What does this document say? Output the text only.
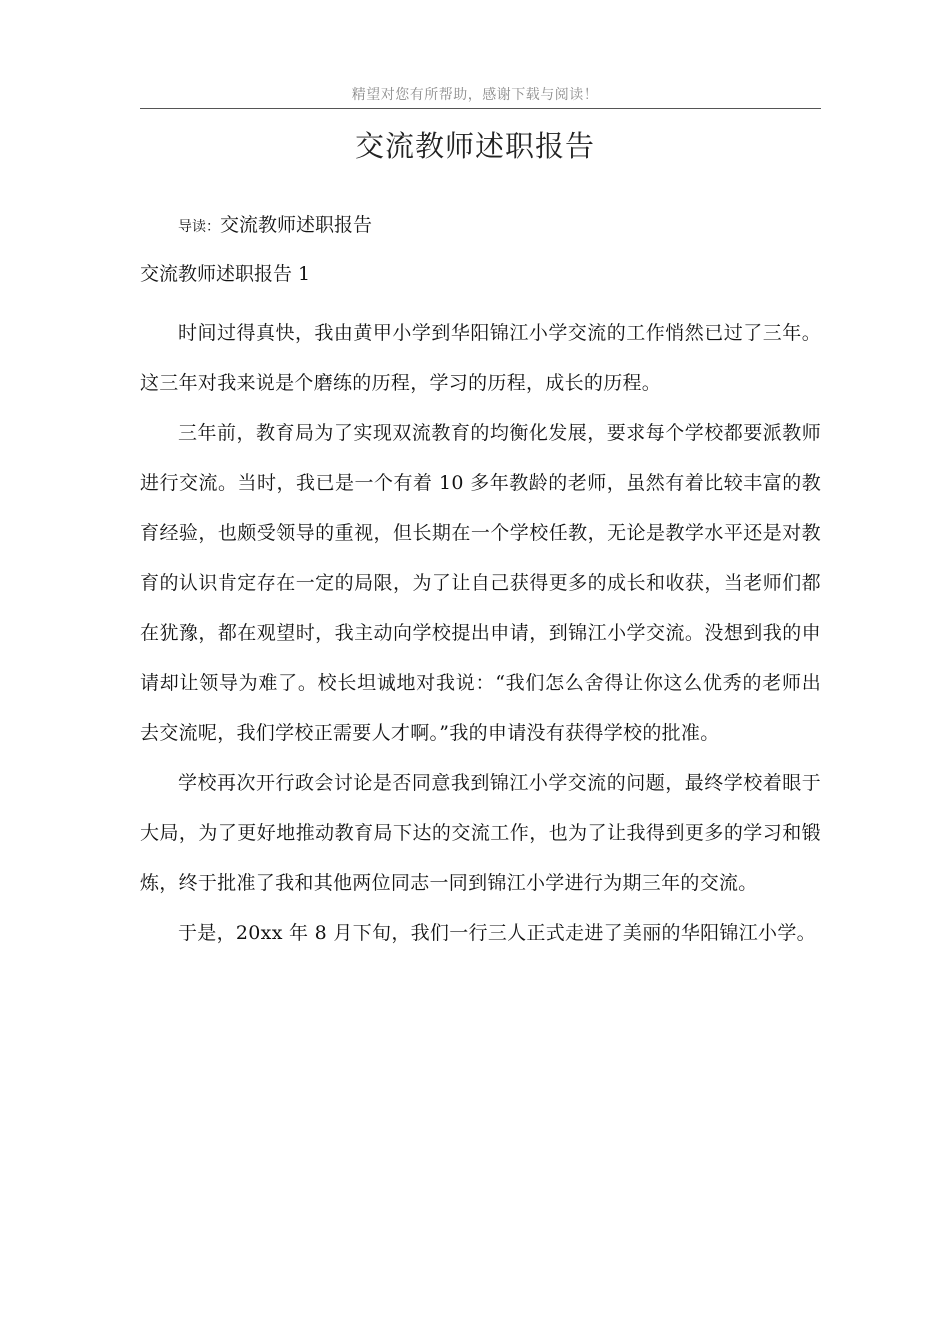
精望对您有所帮助，感谢下载与阅读！
交流教师述职报告
导读：交流教师述职报告
交流教师述职报告 1

时间过得真快，我由黄甲小学到华阳锦江小学交流的工作悄然已过了三年。这三年对我来说是个磨练的历程，学习的历程，成长的历程。

三年前，教育局为了实现双流教育的均衡化发展，要求每个学校都要派教师进行交流。当时，我已是一个有着 10 多年教龄的老师，虽然有着比较丰富的教育经验，也颇受领导的重视，但长期在一个学校任教，无论是教学水平还是对教育的认识肯定存在一定的局限，为了让自己获得更多的成长和收获，当老师们都在犹豫，都在观望时，我主动向学校提出申请，到锦江小学交流。没想到我的申请却让领导为难了。校长坦诚地对我说：“我们怎么舍得让你这么优秀的老师出去交流呢，我们学校正需要人才啊。”我的申请没有获得学校的批准。

学校再次开行政会讨论是否同意我到锦江小学交流的问题，最终学校着眼于大局，为了更好地推动教育局下达的交流工作，也为了让我得到更多的学习和锻炼，终于批准了我和其他两位同志一同到锦江小学进行为期三年的交流。

于是，20xx 年 8 月下旬，我们一行三人正式走进了美丽的华阳锦江小学。
